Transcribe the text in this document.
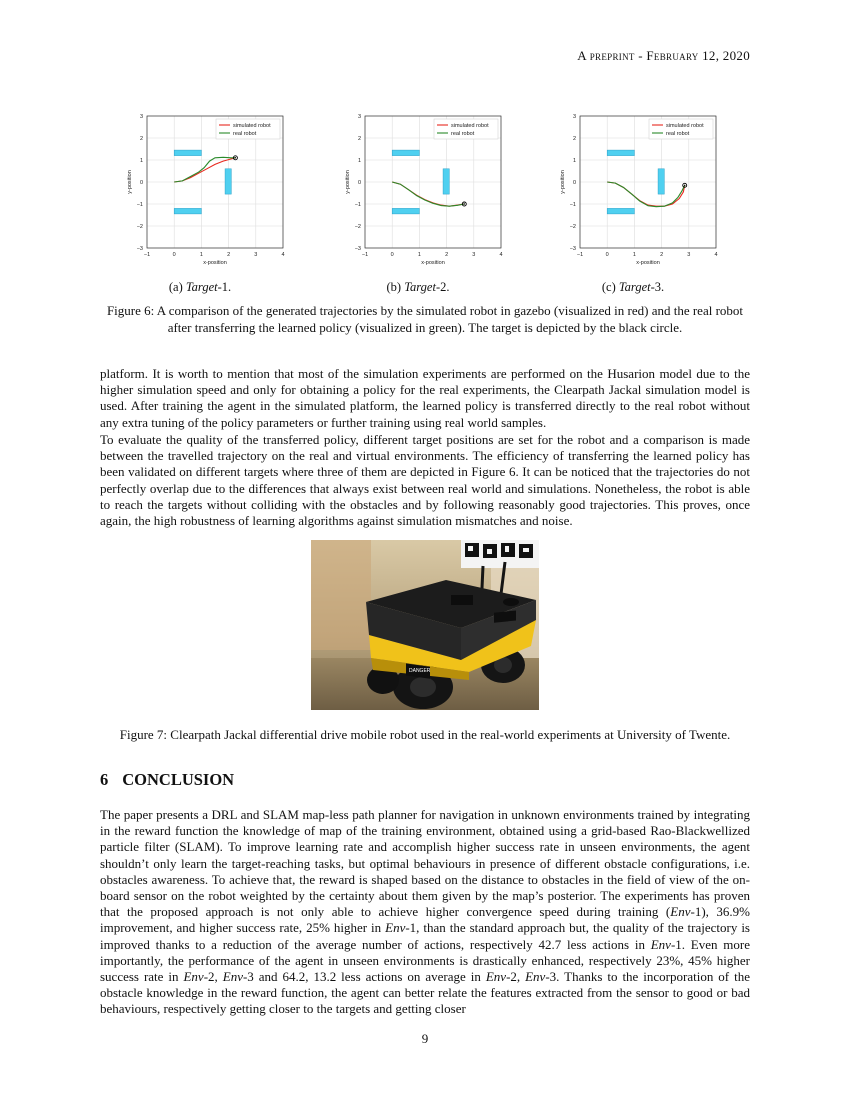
A preprint - February 12, 2020
−1	0	1	2	3	4
−3
−2
−1
0
1
2
3
x-position
y-position
simulated robot
real robot
(a) Target-1.
−1	0	1	2	3	4
−3
−2
−1
0
1
2
3
x-position
y-position
simulated robot
real robot
(b) Target-2.
−1	0	1	2	3	4
−3
−2
−1
0
1
2
3
x-position
y-position
simulated robot
real robot
(c) Target-3.
Figure 6: A comparison of the generated trajectories by the simulated robot in gazebo (visualized in red) and the real robot after transferring the learned policy (visualized in green). The target is depicted by the black circle.

platform. It is worth to mention that most of the simulation experiments are performed on the Husarion model due to the higher simulation speed and only for obtaining a policy for the real experiments, the Clearpath Jackal simulation model is used. After training the agent in the simulated platform, the learned policy is transferred directly to the real robot without any extra tuning of the policy parameters or further training using real world samples.

To evaluate the quality of the transferred policy, different target positions are set for the robot and a comparison is made between the travelled trajectory on the real and virtual environments. The efficiency of transferring the learned policy has been validated on different targets where three of them are depicted in Figure 6. It can be noticed that the trajectories do not perfectly overlap due to the differences that always exist between real world and simulations. Nonetheless, the robot is able to reach the targets without colliding with the obstacles and by following reasonably good trajectories. This proves, once again, the high robustness of learning algorithms against simulation mismatches and noise.

DANGER
Figure 7: Clearpath Jackal differential drive mobile robot used in the real-world experiments at University of Twente.
6 CONCLUSION

The paper presents a DRL and SLAM map-less path planner for navigation in unknown environments trained by integrating in the reward function the knowledge of map of the training environment, obtained using a grid-based Rao-Blackwellized particle filter (SLAM). To improve learning rate and accomplish higher success rate in unseen environments, the agent shouldn’t only learn the target-reaching tasks, but optimal behaviours in presence of different obstacle configurations, i.e. obstacles awareness. To achieve that, the reward is shaped based on the distance to obstacles in the field of view of the on-board sensor on the robot weighted by the certainty about them given by the map’s posterior. The experiments has proven that the proposed approach is not only able to achieve higher convergence speed during training (Env-1), 36.9% improvement, and higher success rate, 25% higher in Env-1, than the standard approach but, the quality of the trajectory is improved thanks to a reduction of the average number of actions, respectively 42.7 less actions in Env-1. Even more importantly, the performance of the agent in unseen environments is drastically enhanced, respectively 23%, 45% higher success rate in Env-2, Env-3 and 64.2, 13.2 less actions on average in Env-2, Env-3. Thanks to the incorporation of the obstacle knowledge in the reward function, the agent can better relate the features extracted from the sensor to good or bad behaviours, respectively getting closer to the targets and getting closer

9
